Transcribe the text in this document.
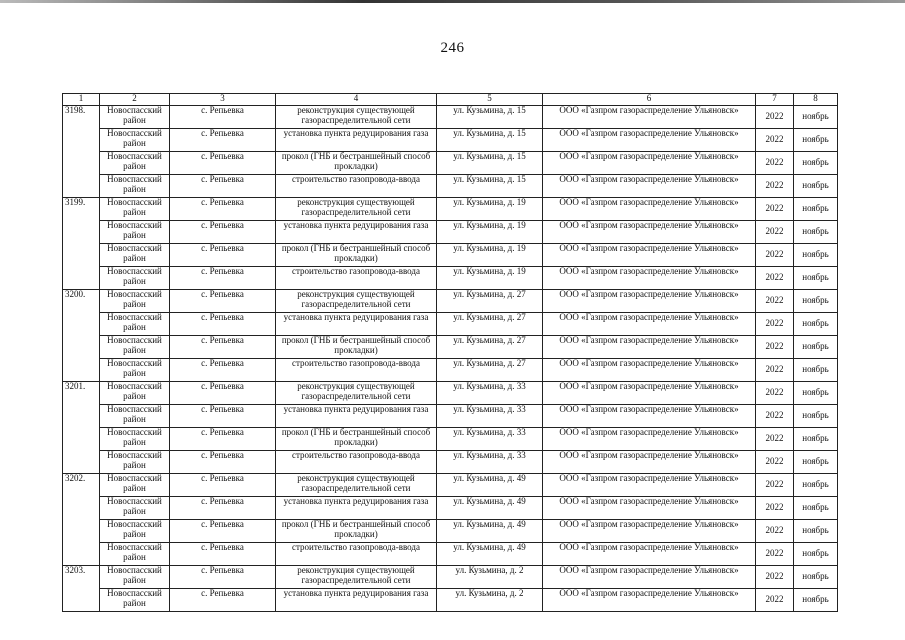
246
1	2	3	4	5	6	7	8
3198.	Новоспасский район	с. Репьевка	реконструкция существующей газораспределительной сети	ул. Кузьмина, д. 15	ООО «Газпром газораспределение Ульяновск»	2022	ноябрь
	Новоспасский район	с. Репьевка	установка пункта редуцирования газа	ул. Кузьмина, д. 15	ООО «Газпром газораспределение Ульяновск»	2022	ноябрь
	Новоспасский район	с. Репьевка	прокол (ГНБ и бестраншейный способ прокладки)	ул. Кузьмина, д. 15	ООО «Газпром газораспределение Ульяновск»	2022	ноябрь
	Новоспасский район	с. Репьевка	строительство газопровода-ввода	ул. Кузьмина, д. 15	ООО «Газпром газораспределение Ульяновск»	2022	ноябрь
3199.	Новоспасский район	с. Репьевка	реконструкция существующей газораспределительной сети	ул. Кузьмина, д. 19	ООО «Газпром газораспределение Ульяновск»	2022	ноябрь
	Новоспасский район	с. Репьевка	установка пункта редуцирования газа	ул. Кузьмина, д. 19	ООО «Газпром газораспределение Ульяновск»	2022	ноябрь
	Новоспасский район	с. Репьевка	прокол (ГНБ и бестраншейный способ прокладки)	ул. Кузьмина, д. 19	ООО «Газпром газораспределение Ульяновск»	2022	ноябрь
	Новоспасский район	с. Репьевка	строительство газопровода-ввода	ул. Кузьмина, д. 19	ООО «Газпром газораспределение Ульяновск»	2022	ноябрь
3200.	Новоспасский район	с. Репьевка	реконструкция существующей газораспределительной сети	ул. Кузьмина, д. 27	ООО «Газпром газораспределение Ульяновск»	2022	ноябрь
	Новоспасский район	с. Репьевка	установка пункта редуцирования газа	ул. Кузьмина, д. 27	ООО «Газпром газораспределение Ульяновск»	2022	ноябрь
	Новоспасский район	с. Репьевка	прокол (ГНБ и бестраншейный способ прокладки)	ул. Кузьмина, д. 27	ООО «Газпром газораспределение Ульяновск»	2022	ноябрь
	Новоспасский район	с. Репьевка	строительство газопровода-ввода	ул. Кузьмина, д. 27	ООО «Газпром газораспределение Ульяновск»	2022	ноябрь
3201.	Новоспасский район	с. Репьевка	реконструкция существующей газораспределительной сети	ул. Кузьмина, д. 33	ООО «Газпром газораспределение Ульяновск»	2022	ноябрь
	Новоспасский район	с. Репьевка	установка пункта редуцирования газа	ул. Кузьмина, д. 33	ООО «Газпром газораспределение Ульяновск»	2022	ноябрь
	Новоспасский район	с. Репьевка	прокол (ГНБ и бестраншейный способ прокладки)	ул. Кузьмина, д. 33	ООО «Газпром газораспределение Ульяновск»	2022	ноябрь
	Новоспасский район	с. Репьевка	строительство газопровода-ввода	ул. Кузьмина, д. 33	ООО «Газпром газораспределение Ульяновск»	2022	ноябрь
3202.	Новоспасский район	с. Репьевка	реконструкция существующей газораспределительной сети	ул. Кузьмина, д. 49	ООО «Газпром газораспределение Ульяновск»	2022	ноябрь
	Новоспасский район	с. Репьевка	установка пункта редуцирования газа	ул. Кузьмина, д. 49	ООО «Газпром газораспределение Ульяновск»	2022	ноябрь
	Новоспасский район	с. Репьевка	прокол (ГНБ и бестраншейный способ прокладки)	ул. Кузьмина, д. 49	ООО «Газпром газораспределение Ульяновск»	2022	ноябрь
	Новоспасский район	с. Репьевка	строительство газопровода-ввода	ул. Кузьмина, д. 49	ООО «Газпром газораспределение Ульяновск»	2022	ноябрь
3203.	Новоспасский район	с. Репьевка	реконструкция существующей газораспределительной сети	ул. Кузьмина, д. 2	ООО «Газпром газораспределение Ульяновск»	2022	ноябрь
	Новоспасский район	с. Репьевка	установка пункта редуцирования газа	ул. Кузьмина, д. 2	ООО «Газпром газораспределение Ульяновск»	2022	ноябрь
